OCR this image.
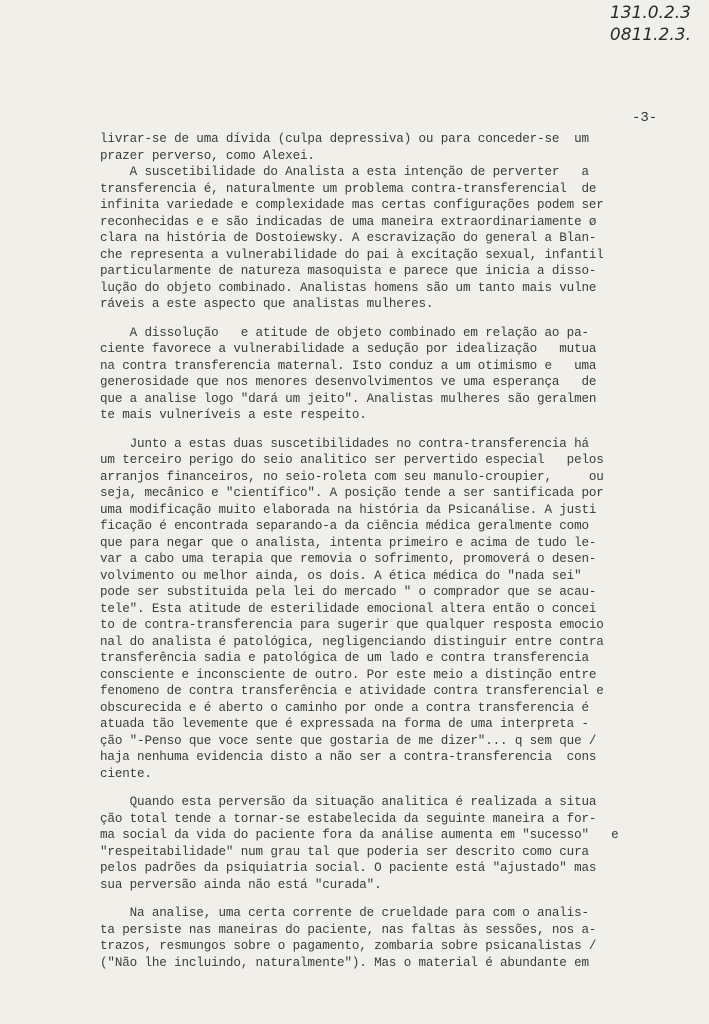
131.0.2.3
0811.2.3.
-3-
livrar-se de uma dívida (culpa depressiva) ou para conceder-se  um
prazer perverso, como Alexei.
A suscetibilidade do Analista a esta intenção de perverter   a
transferencia é, naturalmente um problema contra-transferencial  de
infinita variedade e complexidade mas certas configurações podem ser
reconhecidas e e são indicadas de uma maneira extraordinariamente ø
clara na história de Dostoiewsky. A escravização do general a Blan-
che representa a vulnerabilidade do pai à excitação sexual, infantil
particularmente de natureza masoquista e parece que inicia a disso-
lução do objeto combinado. Analistas homens são um tanto mais vulne
ráveis a este aspecto que analistas mulheres.
A dissolução   e atitude de objeto combinado em relação ao pa-
ciente favorece a vulnerabilidade a sedução por idealização   mutua
na contra transferencia maternal. Isto conduz a um otimismo e   uma
generosidade que nos menores desenvolvimentos ve uma esperança   de
que a analise logo "dará um jeito". Analistas mulheres são geralmen
te mais vulneríveis a este respeito.
Junto a estas duas suscetibilidades no contra-transferencia há
um terceiro perigo do seio analitico ser pervertido especial   pelos
arranjos financeiros, no seio-roleta com seu manulo-croupier,     ou
seja, mecânico e "científico". A posição tende a ser santificada por
uma modificação muito elaborada na história da Psicanálise. A justi
ficação é encontrada separando-a da ciência médica geralmente como
que para negar que o analista, intenta primeiro e acima de tudo le-
var a cabo uma terapia que removia o sofrimento, promoverá o desen-
volvimento ou melhor ainda, os dois. A ética médica do "nada sei"
pode ser substituida pela lei do mercado " o comprador que se acau-
tele". Esta atitude de esterilidade emocional altera então o concei
to de contra-transferencia para sugerir que qualquer resposta emocio
nal do analista é patológica, negligenciando distinguir entre contra
transferência sadia e patológica de um lado e contra transferencia
consciente e inconsciente de outro. Por este meio a distinção entre
fenomeno de contra transferência e atividade contra transferencial e
obscurecida e é aberto o caminho por onde a contra transferencia é
atuada tão levemente que é expressada na forma de uma interpreta -
ção "-Penso que voce sente que gostaria de me dizer"... q sem que /
haja nenhuma evidencia disto a não ser a contra-transferencia  cons
ciente.
Quando esta perversão da situação analitica é realizada a situa
ção total tende a tornar-se estabelecida da seguinte maneira a for-
ma social da vida do paciente fora da análise aumenta em "sucesso"   e
"respeitabilidade" num grau tal que poderia ser descrito como cura
pelos padrões da psiquiatria social. O paciente está "ajustado" mas
sua perversão ainda não está "curada".
Na analise, uma certa corrente de crueldade para com o analis-
ta persiste nas maneiras do paciente, nas faltas às sessões, nos a-
trazos, resmungos sobre o pagamento, zombaria sobre psicanalistas /
("Não lhe incluindo, naturalmente"). Mas o material é abundante em
